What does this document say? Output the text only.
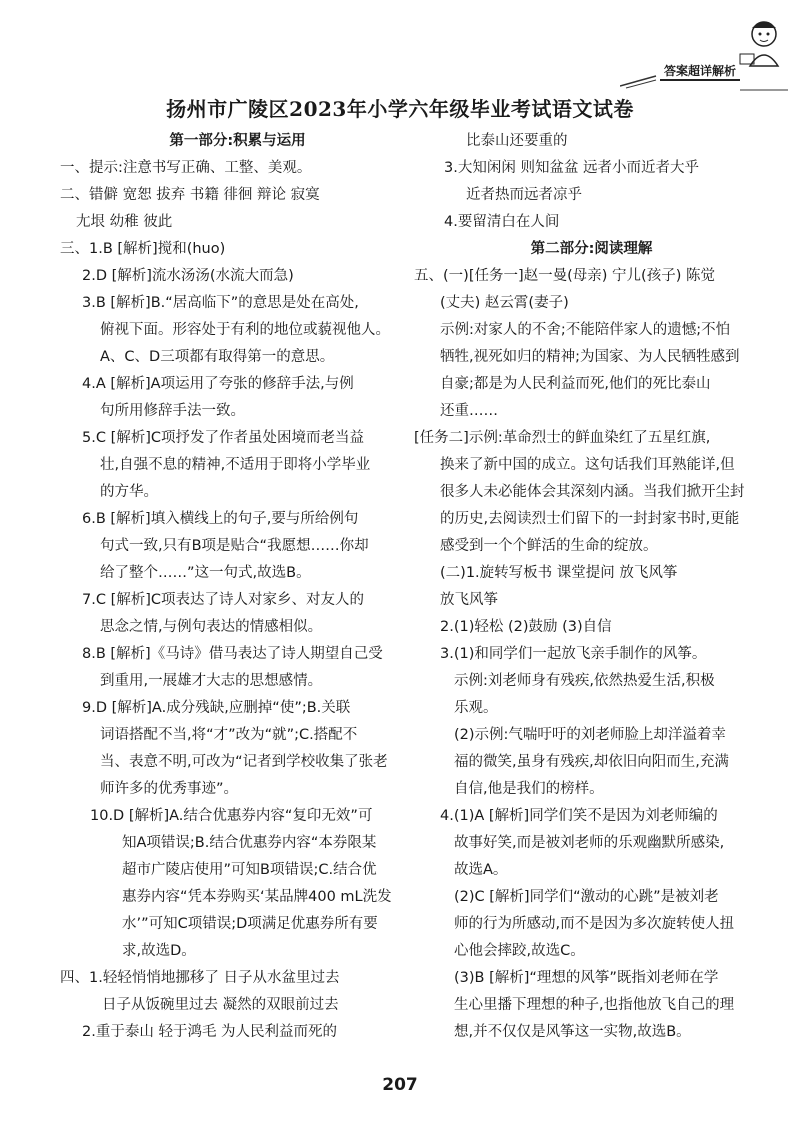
答案超详解析
扬州市广陵区2023年小学六年级毕业考试语文试卷
第一部分:积累与运用
一、提示:注意书写正确、工整、美观。
二、错僻 宽恕 拔弃 书籍 徘徊 辩论 寂寞
尢垠 幼稚 彼此
三、1.B [解析]搅和(huo)
2.D [解析]流水汤汤(水流大而急)
3.B [解析]B.“居高临下”的意思是处在高处,
俯视下面。形容处于有利的地位或藐视他人。
A、C、D三项都有取得第一的意思。
4.A [解析]A项运用了夸张的修辞手法,与例
句所用修辞手法一致。
5.C [解析]C项抒发了作者虽处困境而老当益
壮,自强不息的精神,不适用于即将小学毕业
的方华。
6.B [解析]填入横线上的句子,要与所给例句
句式一致,只有B项是贴合“我愿想……你却
给了整个……”这一句式,故选B。
7.C [解析]C项表达了诗人对家乡、对友人的
思念之情,与例句表达的情感相似。
8.B [解析]《马诗》借马表达了诗人期望自己受
到重用,一展雄才大志的思想感情。
9.D [解析]A.成分残缺,应删掉“使”;B.关联
词语搭配不当,将“才”改为“就”;C.搭配不
当、表意不明,可改为“记者到学校收集了张老
师许多的优秀事迹”。
10.D [解析]A.结合优惠券内容“复印无效”可
知A项错误;B.结合优惠券内容“本券限某
超市广陵店使用”可知B项错误;C.结合优
惠券内容“凭本券购买‘某品牌400 mL洗发
水’”可知C项错误;D项满足优惠券所有要
求,故选D。
四、1.轻轻悄悄地挪移了 日子从水盆里过去
日子从饭碗里过去 凝然的双眼前过去
2.重于泰山 轻于鸿毛 为人民利益而死的
比泰山还要重的
3.大知闲闲 则知盆盆 远者小而近者大乎
近者热而远者凉乎
4.要留清白在人间
第二部分:阅读理解
五、(一)[任务一]赵一曼(母亲) 宁儿(孩子) 陈觉
(丈夫) 赵云霄(妻子)
示例:对家人的不舍;不能陪伴家人的遗憾;不怕
牺牲,视死如归的精神;为国家、为人民牺牲感到
自豪;都是为人民利益而死,他们的死比泰山
还重……
[任务二]示例:革命烈士的鲜血染红了五星红旗,
换来了新中国的成立。这句话我们耳熟能详,但
很多人未必能体会其深刻内涵。当我们掀开尘封
的历史,去阅读烈士们留下的一封封家书时,更能
感受到一个个鲜活的生命的绽放。
(二)1.旋转写板书 课堂提问 放飞风筝
放飞风筝
2.(1)轻松 (2)鼓励 (3)自信
3.(1)和同学们一起放飞亲手制作的风筝。
示例:刘老师身有残疾,依然热爱生活,积极
乐观。
(2)示例:气喘吁吁的刘老师脸上却洋溢着幸
福的微笑,虽身有残疾,却依旧向阳而生,充满
自信,他是我们的榜样。
4.(1)A [解析]同学们笑不是因为刘老师编的
故事好笑,而是被刘老师的乐观幽默所感染,
故选A。
(2)C [解析]同学们“激动的心跳”是被刘老
师的行为所感动,而不是因为多次旋转使人扭
心他会摔跤,故选C。
(3)B [解析]“理想的风筝”既指刘老师在学
生心里播下理想的种子,也指他放飞自己的理
想,并不仅仅是风筝这一实物,故选B。
207
